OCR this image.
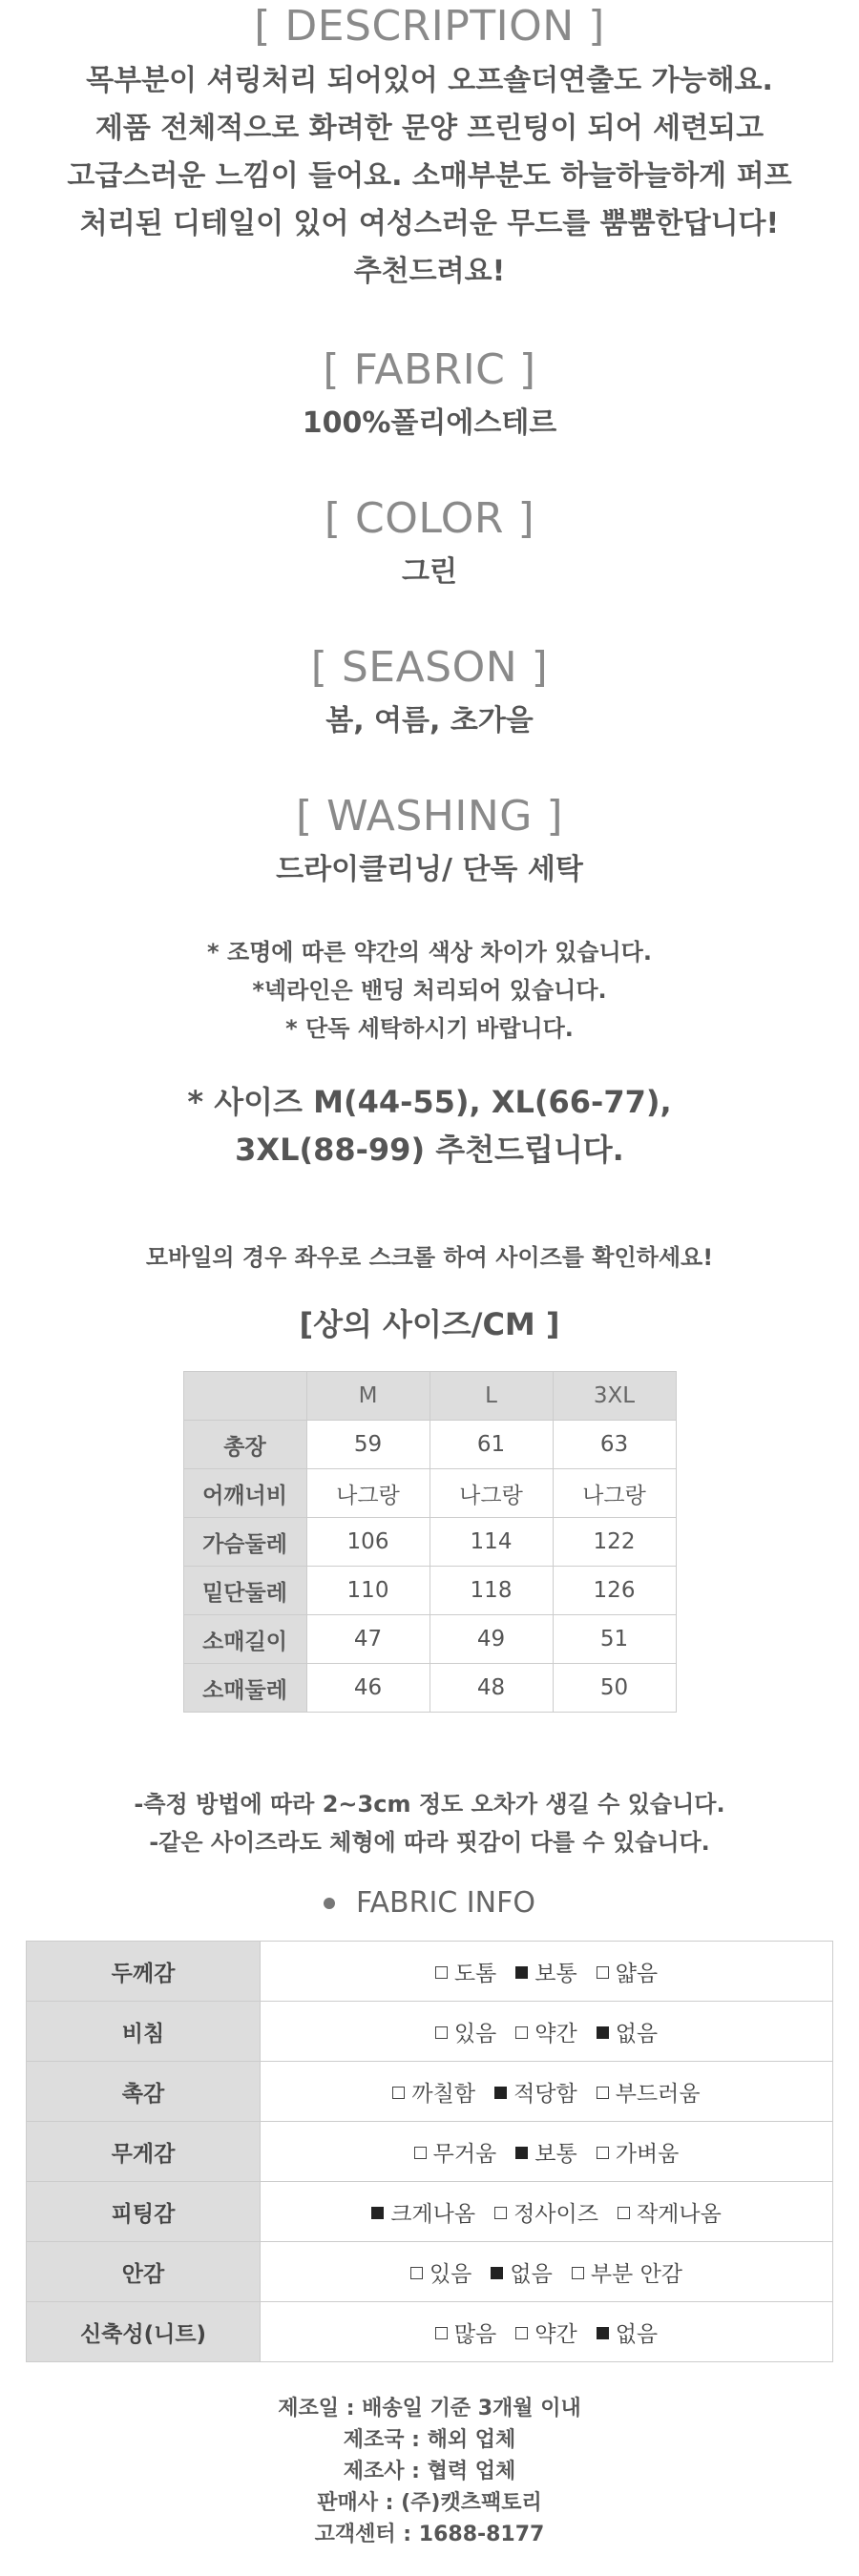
[ DESCRIPTION ]
목부분이 셔링처리 되어있어 오프숄더연출도 가능해요.
제품 전체적으로 화려한 문양 프린팅이 되어 세련되고
고급스러운 느낌이 들어요. 소매부분도 하늘하늘하게 퍼프
처리된 디테일이 있어 여성스러운 무드를 뿜뿜한답니다!
추천드려요!
[ FABRIC ]

100%폴리에스테르

[ COLOR ]

그린

[ SEASON ]

봄, 여름, 초가을

[ WASHING ]

드라이클리닝/ 단독 세탁

* 조명에 따른 약간의 색상 차이가 있습니다.
*넥라인은 밴딩 처리되어 있습니다.
* 단독 세탁하시기 바랍니다.
* 사이즈 M(44-55), XL(66-77),
3XL(88-99) 추천드립니다.
모바일의 경우 좌우로 스크롤 하여 사이즈를 확인하세요!
[상의 사이즈/CM ]
	M	L	3XL
총장	59	61	63
어깨너비	나그랑	나그랑	나그랑
가슴둘레	106	114	122
밑단둘레	110	118	126
소매길이	47	49	51
소매둘레	46	48	50
-측정 방법에 따라 2~3cm 정도 오차가 생길 수 있습니다.
-같은 사이즈라도 체형에 따라 핏감이 다를 수 있습니다.
FABRIC INFO
두께감	도톰 보통 얇음
비침	있음 약간 없음
촉감	까칠함 적당함 부드러움
무게감	무거움 보통 가벼움
피팅감	크게나옴 정사이즈 작게나옴
안감	있음 없음 부분 안감
신축성(니트)	많음 약간 없음
제조일 : 배송일 기준 3개월 이내
제조국 : 해외 업체
제조사 : 협력 업체
판매사 : (주)캣츠팩토리
고객센터 : 1688-8177
